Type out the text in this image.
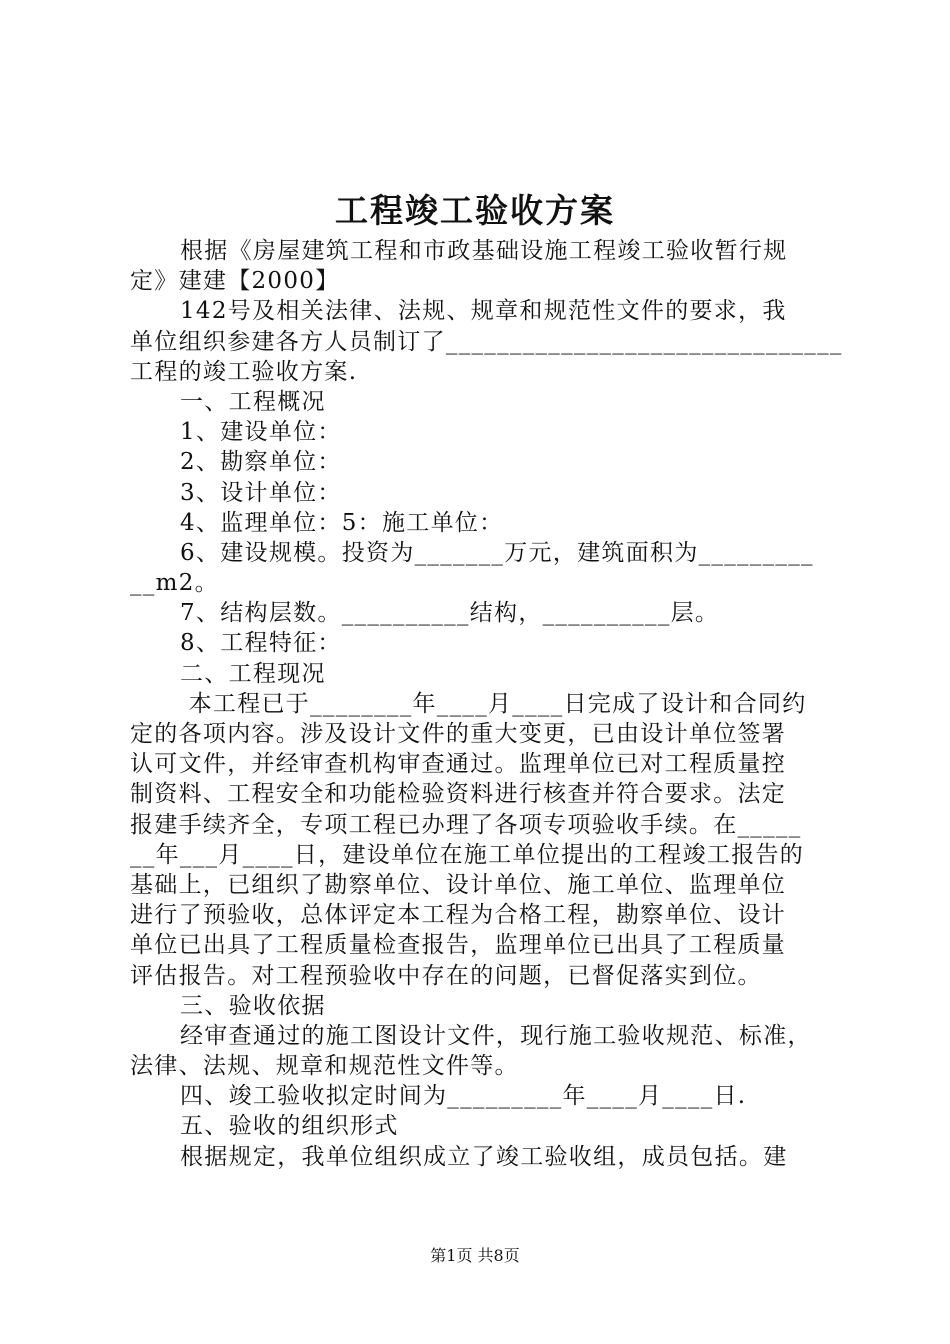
工程竣工验收方案
根据《房屋建筑工程和市政基础设施工程竣工验收暂行规
定》建建【2000】
142号及相关法律、法规、规章和规范性文件的要求，我
单位组织参建各方人员制订了_______________________________
工程的竣工验收方案.
一、工程概况
1、建设单位：
2、勘察单位：
3、设计单位：
4、监理单位：5：施工单位：
6、建设规模。投资为_______万元，建筑面积为_________
__m2。
7、结构层数。__________结构，__________层。
8、工程特征：
二、工程现况
本工程已于________年____月____日完成了设计和合同约
定的各项内容。涉及设计文件的重大变更，已由设计单位签署
认可文件，并经审查机构审查通过。监理单位已对工程质量控
制资料、工程安全和功能检验资料进行核查并符合要求。法定
报建手续齐全，专项工程已办理了各项专项验收手续。在_____
__年___月____日，建设单位在施工单位提出的工程竣工报告的
基础上，已组织了勘察单位、设计单位、施工单位、监理单位
进行了预验收，总体评定本工程为合格工程，勘察单位、设计
单位已出具了工程质量检查报告，监理单位已出具了工程质量
评估报告。对工程预验收中存在的问题，已督促落实到位。
三、验收依据
经审查通过的施工图设计文件，现行施工验收规范、标准，
法律、法规、规章和规范性文件等。
四、竣工验收拟定时间为_________年____月____日.
五、验收的组织形式
根据规定，我单位组织成立了竣工验收组，成员包括。建
第1页 共8页
